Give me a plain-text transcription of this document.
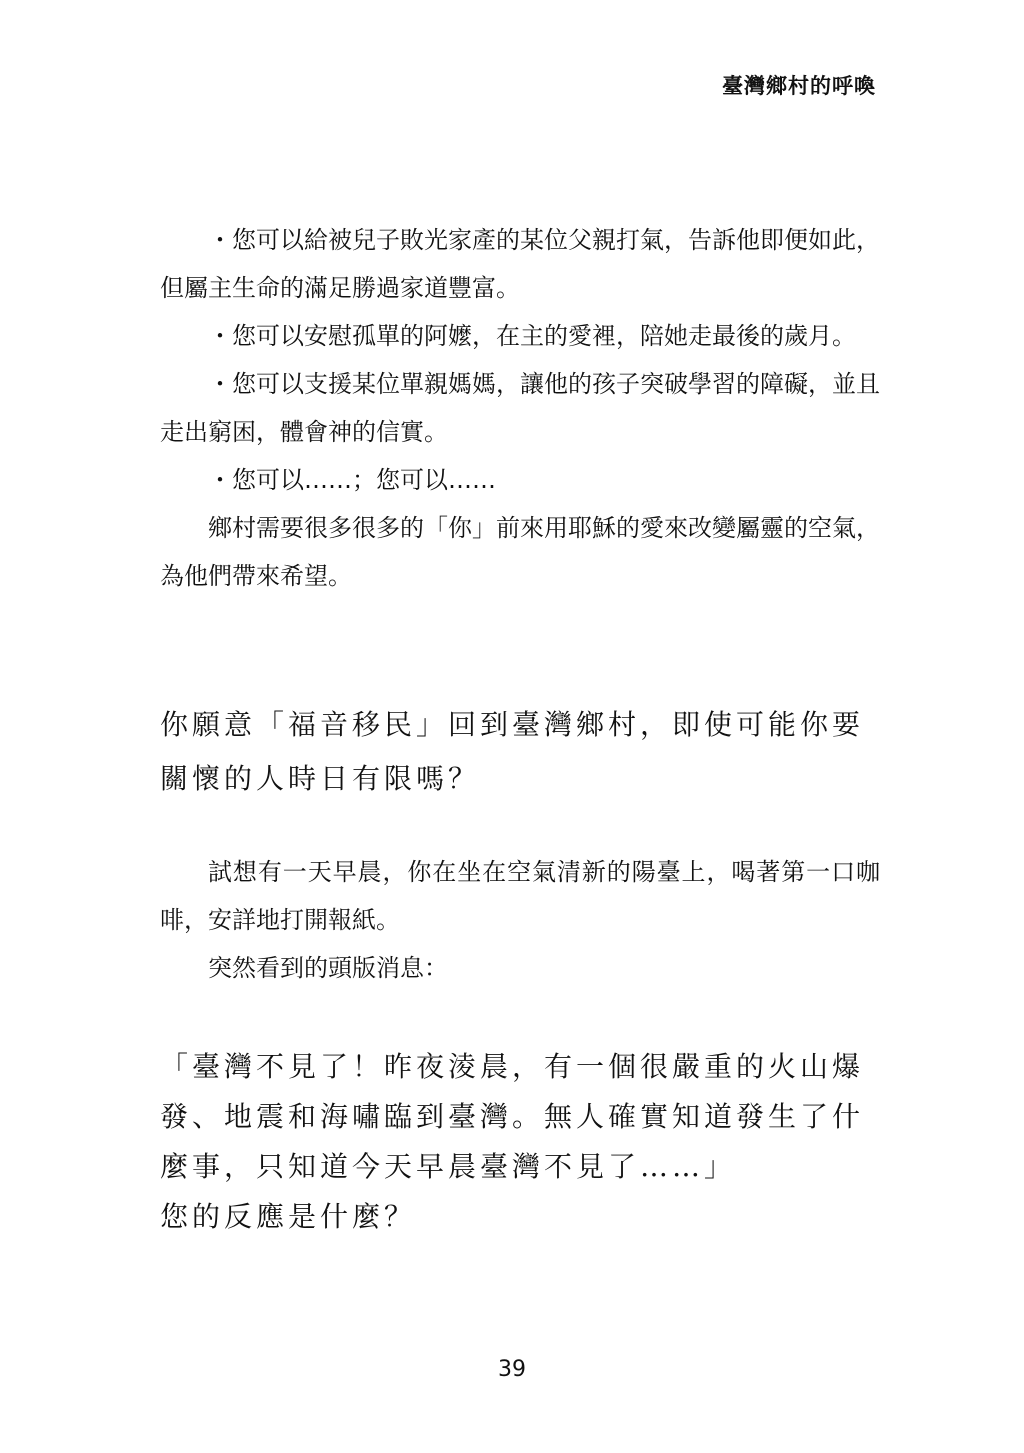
臺灣鄉村的呼喚

・您可以給被兒子敗光家產的某位父親打氣，告訴他即便如此，但屬主生命的滿足勝過家道豐富。

・您可以安慰孤單的阿嬤，在主的愛裡，陪她走最後的歲月。

・您可以支援某位單親媽媽，讓他的孩子突破學習的障礙，並且走出窮困，體會神的信實。

・您可以……；您可以……

鄉村需要很多很多的「你」前來用耶穌的愛來改變屬靈的空氣，為他們帶來希望。

你願意「福音移民」回到臺灣鄉村，即使可能你要關懷的人時日有限嗎？

試想有一天早晨，你在坐在空氣清新的陽臺上，喝著第一口咖啡，安詳地打開報紙。

突然看到的頭版消息：

「臺灣不見了！昨夜淩晨，有一個很嚴重的火山爆發、地震和海嘯臨到臺灣。無人確實知道發生了什麼事，只知道今天早晨臺灣不見了……」

您的反應是什麼？

39
